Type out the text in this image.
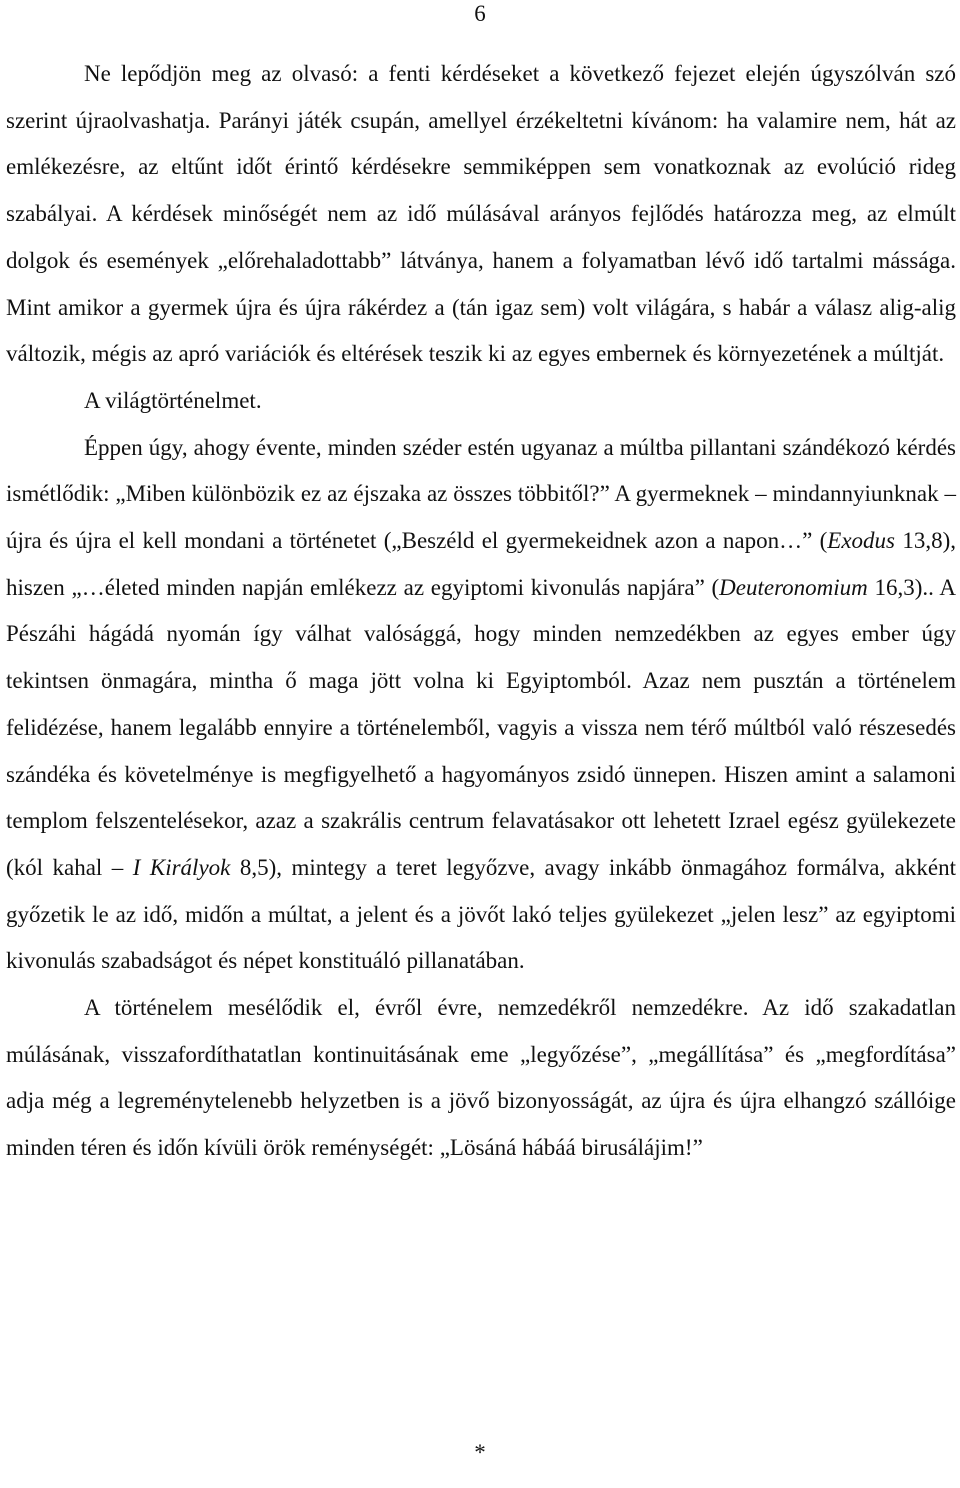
6

Ne lepődjön meg az olvasó: a fenti kérdéseket a következő fejezet elején úgyszólván szó szerint újraolvashatja. Parányi játék csupán, amellyel érzékeltetni kívánom: ha valamire nem, hát az emlékezésre, az eltűnt időt érintő kérdésekre semmiképpen sem vonatkoznak az evolúció rideg szabályai. A kérdések minőségét nem az idő múlásával arányos fejlődés határozza meg, az elmúlt dolgok és események „előrehaladottabb” látványa, hanem a folyamatban lévő idő tartalmi mássága. Mint amikor a gyermek újra és újra rákérdez a (tán igaz sem) volt világára, s habár a válasz alig-alig változik, mégis az apró variációk és eltérések teszik ki az egyes embernek és környezetének a múltját.

A világtörténelmet.

Éppen úgy, ahogy évente, minden széder estén ugyanaz a múltba pillantani szándékozó kérdés ismétlődik: „Miben különbözik ez az éjszaka az összes többitől?” A gyermeknek – mindannyiunknak – újra és újra el kell mondani a történetet („Beszéld el gyermekeidnek azon a napon…” (Exodus 13,8), hiszen „…életed minden napján emlékezz az egyiptomi kivonulás napjára” (Deuteronomium 16,3).. A Pészáhi hágádá nyomán így válhat valósággá, hogy minden nemzedékben az egyes ember úgy tekintsen önmagára, mintha ő maga jött volna ki Egyiptomból. Azaz nem pusztán a történelem felidézése, hanem legalább ennyire a történelemből, vagyis a vissza nem térő múltból való részesedés szándéka és követelménye is megfigyelhető a hagyományos zsidó ünnepen. Hiszen amint a salamoni templom felszentelésekor, azaz a szakrális centrum felavatásakor ott lehetett Izrael egész gyülekezete (kól kahal – I Királyok 8,5), mintegy a teret legyőzve, avagy inkább önmagához formálva, akként győzetik le az idő, midőn a múltat, a jelent és a jövőt lakó teljes gyülekezet „jelen lesz” az egyiptomi kivonulás szabadságot és népet konstituáló pillanatában.

A történelem mesélődik el, évről évre, nemzedékről nemzedékre. Az idő szakadatlan múlásának, visszafordíthatatlan kontinuitásának eme „legyőzése”, „megállítása” és „megfordítása” adja még a legreménytelenebb helyzetben is a jövő bizonyosságát, az újra és újra elhangzó szállóige minden téren és időn kívüli örök reménységét: „Lösáná hábáá birusálájim!”

*
